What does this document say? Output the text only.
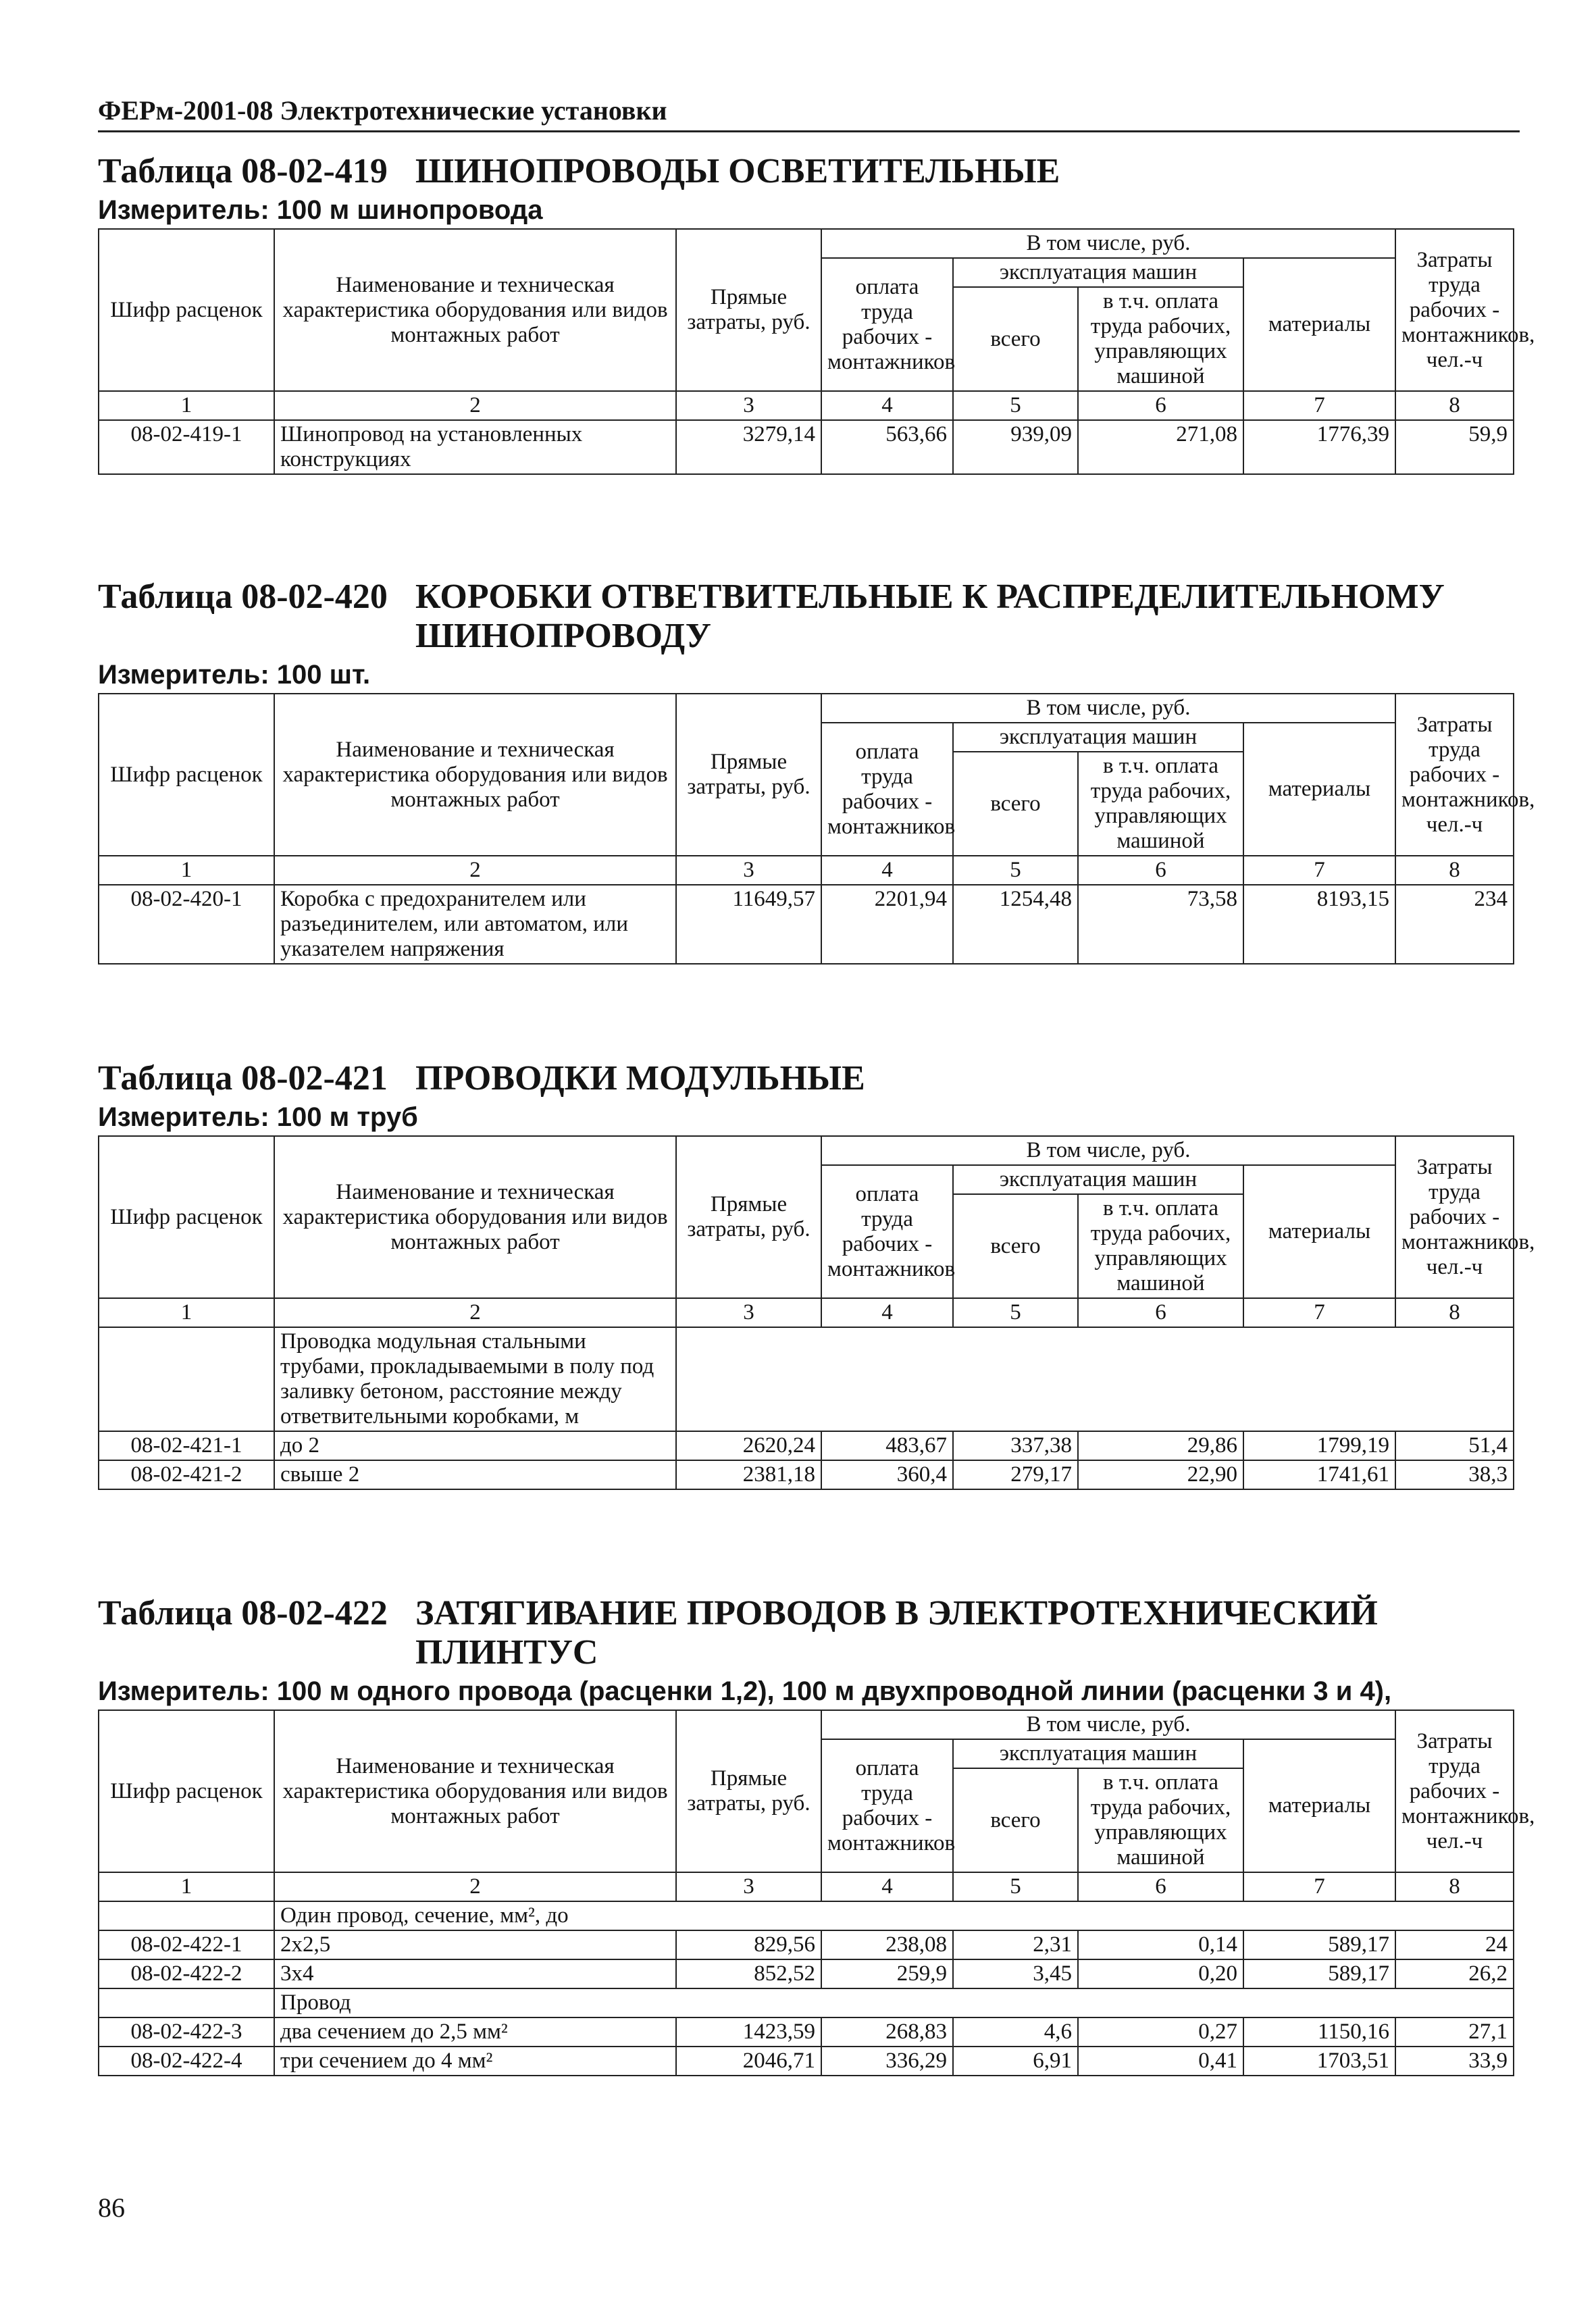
ФЕРм-2001-08 Электротехнические установки
Таблица 08-02-419 ШИНОПРОВОДЫ ОСВЕТИТЕЛЬНЫЕ
Измеритель: 100 м шинопровода
Шифр расценок	Наименование и техническая характеристика оборудования или видов монтажных работ	Прямые затраты, руб.	В том числе, руб.				Затраты труда рабочих - монтажников, чел.-ч
			оплата труда рабочих - монтажников	эксплуатация машин		материалы	
				всего	в т.ч. оплата труда рабочих, управляющих машиной		
1	2	3	4	5	6	7	8
08-02-419-1	Шинопровод на установленных конструкциях	3279,14	563,66	939,09	271,08	1776,39	59,9
Таблица 08-02-420 КОРОБКИ ОТВЕТВИТЕЛЬНЫЕ К РАСПРЕДЕЛИТЕЛЬНОМУ ШИНОПРОВОДУ
Измеритель: 100 шт.
Шифр расценок	Наименование и техническая характеристика оборудования или видов монтажных работ	Прямые затраты, руб.	В том числе, руб.				Затраты труда рабочих - монтажников, чел.-ч
			оплата труда рабочих - монтажников	эксплуатация машин		материалы	
				всего	в т.ч. оплата труда рабочих, управляющих машиной		
1	2	3	4	5	6	7	8
08-02-420-1	Коробка с предохранителем или разъединителем, или автоматом, или указателем напряжения	11649,57	2201,94	1254,48	73,58	8193,15	234
Таблица 08-02-421 ПРОВОДКИ МОДУЛЬНЫЕ
Измеритель: 100 м труб
Шифр расценок	Наименование и техническая характеристика оборудования или видов монтажных работ	Прямые затраты, руб.	В том числе, руб.				Затраты труда рабочих - монтажников, чел.-ч
			оплата труда рабочих - монтажников	эксплуатация машин		материалы	
				всего	в т.ч. оплата труда рабочих, управляющих машиной		
1	2	3	4	5	6	7	8
	Проводка модульная стальными трубами, прокладываемыми в полу под заливку бетоном, расстояние между ответвительными коробками, м						
08-02-421-1	до 2	2620,24	483,67	337,38	29,86	1799,19	51,4
08-02-421-2	свыше 2	2381,18	360,4	279,17	22,90	1741,61	38,3
Таблица 08-02-422 ЗАТЯГИВАНИЕ ПРОВОДОВ В ЭЛЕКТРОТЕХНИЧЕСКИЙ ПЛИНТУС
Измеритель: 100 м одного провода (расценки 1,2), 100 м двухпроводной линии (расценки 3 и 4),
Шифр расценок	Наименование и техническая характеристика оборудования или видов монтажных работ	Прямые затраты, руб.	В том числе, руб.				Затраты труда рабочих - монтажников, чел.-ч
			оплата труда рабочих - монтажников	эксплуатация машин		материалы	
				всего	в т.ч. оплата труда рабочих, управляющих машиной		
1	2	3	4	5	6	7	8
	Один провод, сечение, мм², до						
08-02-422-1	2х2,5	829,56	238,08	2,31	0,14	589,17	24
08-02-422-2	3х4	852,52	259,9	3,45	0,20	589,17	26,2
	Провод						
08-02-422-3	два сечением до 2,5 мм²	1423,59	268,83	4,6	0,27	1150,16	27,1
08-02-422-4	три сечением до 4 мм²	2046,71	336,29	6,91	0,41	1703,51	33,9
86
